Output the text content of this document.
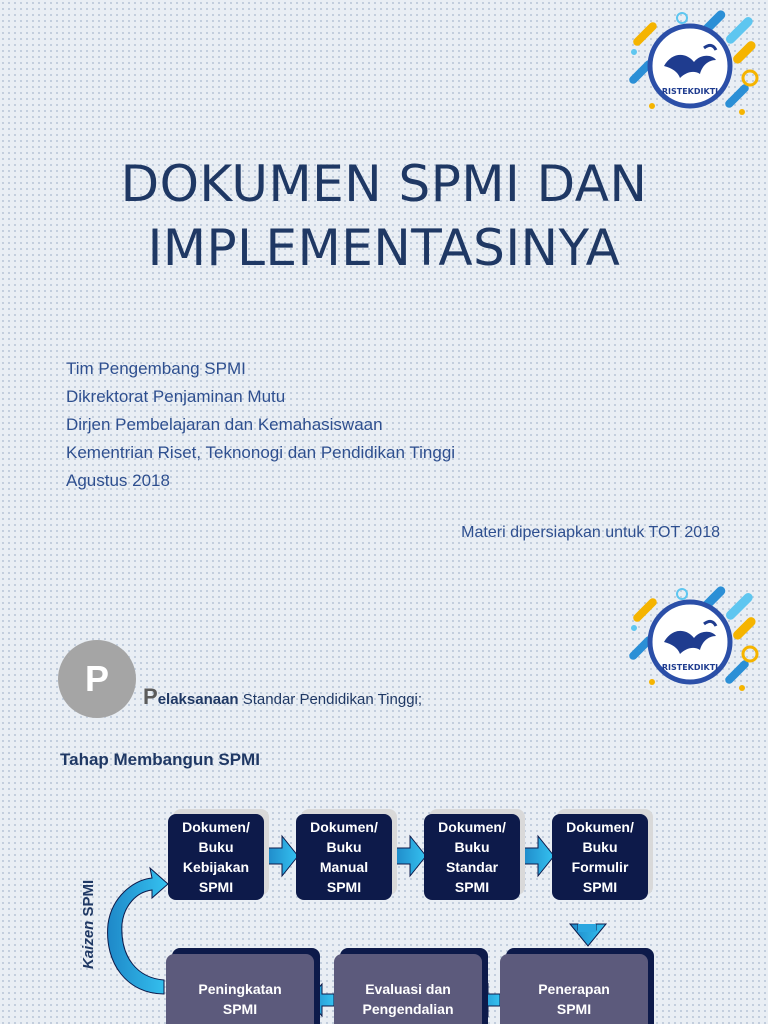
RISTEKDIKTI
DOKUMEN SPMI DAN
IMPLEMENTASINYA
Tim Pengembang SPMI
Dikrektorat Penjaminan Mutu
Dirjen Pembelajaran dan Kemahasiswaan
Kementrian Riset, Teknonogi dan Pendidikan Tinggi
Agustus 2018
Materi dipersiapkan untuk TOT 2018
RISTEKDIKTI
P	Pelaksanaan Standar Pendidikan Tinggi;
Tahap Membangun SPMI
Dokumen/
Buku
Kebijakan
SPMI
Dokumen/
Buku
Manual
SPMI
Dokumen/
Buku
Standar
SPMI
Dokumen/
Buku
Formulir
SPMI
Peningkatan
SPMI
Evaluasi dan
Pengendalian
Penerapan
SPMI
Kaizen SPMI
